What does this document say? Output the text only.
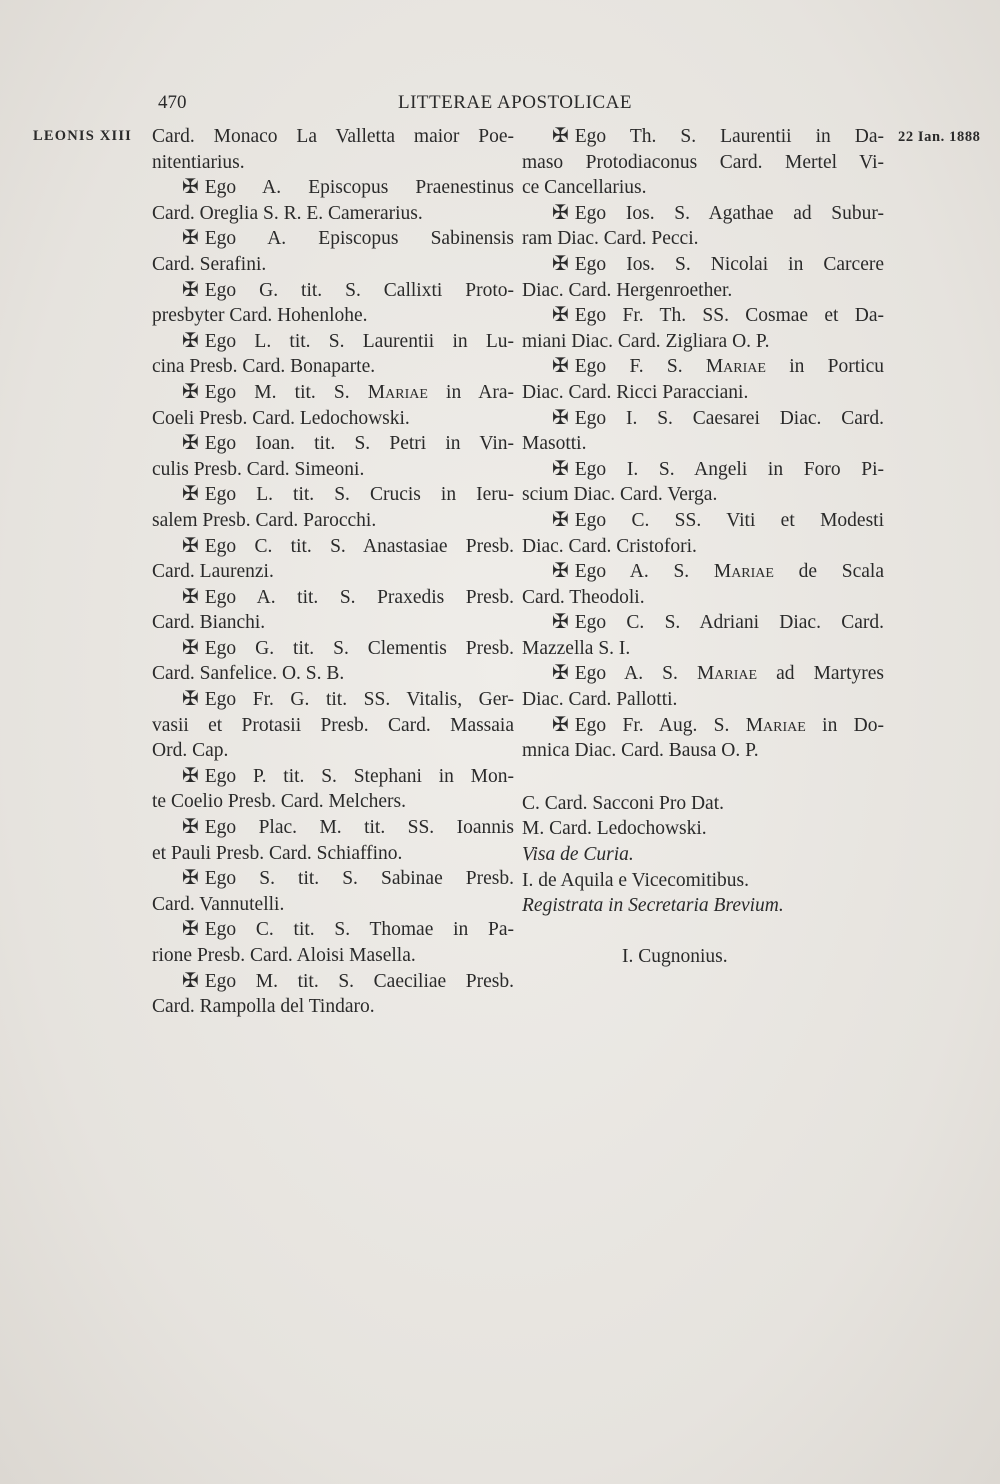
470	LITTERAE APOSTOLICAE
LEONIS XIII	22 Ian. 1888
Card. Monaco La Valletta maior Poe-
nitentiarius.
✠ Ego A. Episcopus Praenestinus
Card. Oreglia S. R. E. Camerarius.
✠ Ego A. Episcopus Sabinensis
Card. Serafini.
✠ Ego G. tit. S. Callixti Proto-
presbyter Card. Hohenlohe.
✠ Ego L. tit. S. Laurentii in Lu-
cina Presb. Card. Bonaparte.
✠ Ego M. tit. S. Mariae in Ara-
Coeli Presb. Card. Ledochowski.
✠ Ego Ioan. tit. S. Petri in Vin-
culis Presb. Card. Simeoni.
✠ Ego L. tit. S. Crucis in Ieru-
salem Presb. Card. Parocchi.
✠ Ego C. tit. S. Anastasiae Presb.
Card. Laurenzi.
✠ Ego A. tit. S. Praxedis Presb.
Card. Bianchi.
✠ Ego G. tit. S. Clementis Presb.
Card. Sanfelice. O. S. B.
✠ Ego Fr. G. tit. SS. Vitalis, Ger-
vasii et Protasii Presb. Card. Massaia
Ord. Cap.
✠ Ego P. tit. S. Stephani in Mon-
te Coelio Presb. Card. Melchers.
✠ Ego Plac. M. tit. SS. Ioannis
et Pauli Presb. Card. Schiaffino.
✠ Ego S. tit. S. Sabinae Presb.
Card. Vannutelli.
✠ Ego C. tit. S. Thomae in Pa-
rione Presb. Card. Aloisi Masella.
✠ Ego M. tit. S. Caeciliae Presb.
Card. Rampolla del Tindaro.
✠ Ego Th. S. Laurentii in Da-
maso Protodiaconus Card. Mertel Vi-
ce Cancellarius.
✠ Ego Ios. S. Agathae ad Subur-
ram Diac. Card. Pecci.
✠ Ego Ios. S. Nicolai in Carcere
Diac. Card. Hergenroether.
✠ Ego Fr. Th. SS. Cosmae et Da-
miani Diac. Card. Zigliara O. P.
✠ Ego F. S. Mariae in Porticu
Diac. Card. Ricci Paracciani.
✠ Ego I. S. Caesarei Diac. Card.
Masotti.
✠ Ego I. S. Angeli in Foro Pi-
scium Diac. Card. Verga.
✠ Ego C. SS. Viti et Modesti
Diac. Card. Cristofori.
✠ Ego A. S. Mariae de Scala
Card. Theodoli.
✠ Ego C. S. Adriani Diac. Card.
Mazzella S. I.
✠ Ego A. S. Mariae ad Martyres
Diac. Card. Pallotti.
✠ Ego Fr. Aug. S. Mariae in Do-
mnica Diac. Card. Bausa O. P.
C. Card. Sacconi Pro Dat.
M. Card. Ledochowski.
Visa de Curia.
I. de Aquila e Vicecomitibus.
Registrata in Secretaria Brevium.
I. Cugnonius.
